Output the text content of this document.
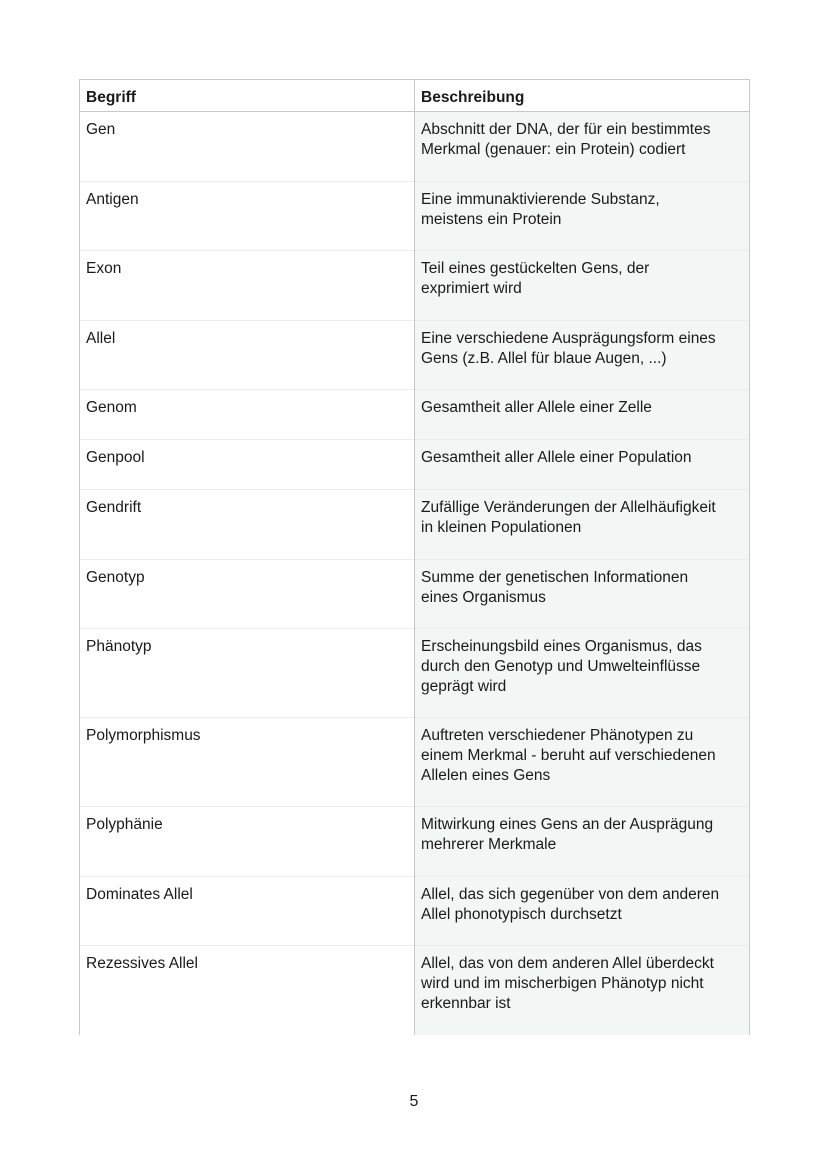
Begriff	Beschreibung
Gen	Abschnitt der DNA, der für ein bestimmtes
Merkmal (genauer: ein Protein) codiert

Antigen	Eine immunaktivierende Substanz,
meistens ein Protein

Exon	Teil eines gestückelten Gens, der
exprimiert wird

Allel	Eine verschiedene Ausprägungsform eines
Gens (z.B. Allel für blaue Augen, ...)

Genom	Gesamtheit aller Allele einer Zelle

Genpool	Gesamtheit aller Allele einer Population

Gendrift	Zufällige Veränderungen der Allelhäufigkeit
in kleinen Populationen

Genotyp	Summe der genetischen Informationen
eines Organismus

Phänotyp	Erscheinungsbild eines Organismus, das
durch den Genotyp und Umwelteinflüsse
geprägt wird

Polymorphismus	Auftreten verschiedener Phänotypen zu
einem Merkmal - beruht auf verschiedenen
Allelen eines Gens

Polyphänie	Mitwirkung eines Gens an der Ausprägung
mehrerer Merkmale

Dominates Allel	Allel, das sich gegenüber von dem anderen
Allel phonotypisch durchsetzt

Rezessives Allel	Allel, das von dem anderen Allel überdeckt
wird und im mischerbigen Phänotyp nicht
erkennbar ist
5
